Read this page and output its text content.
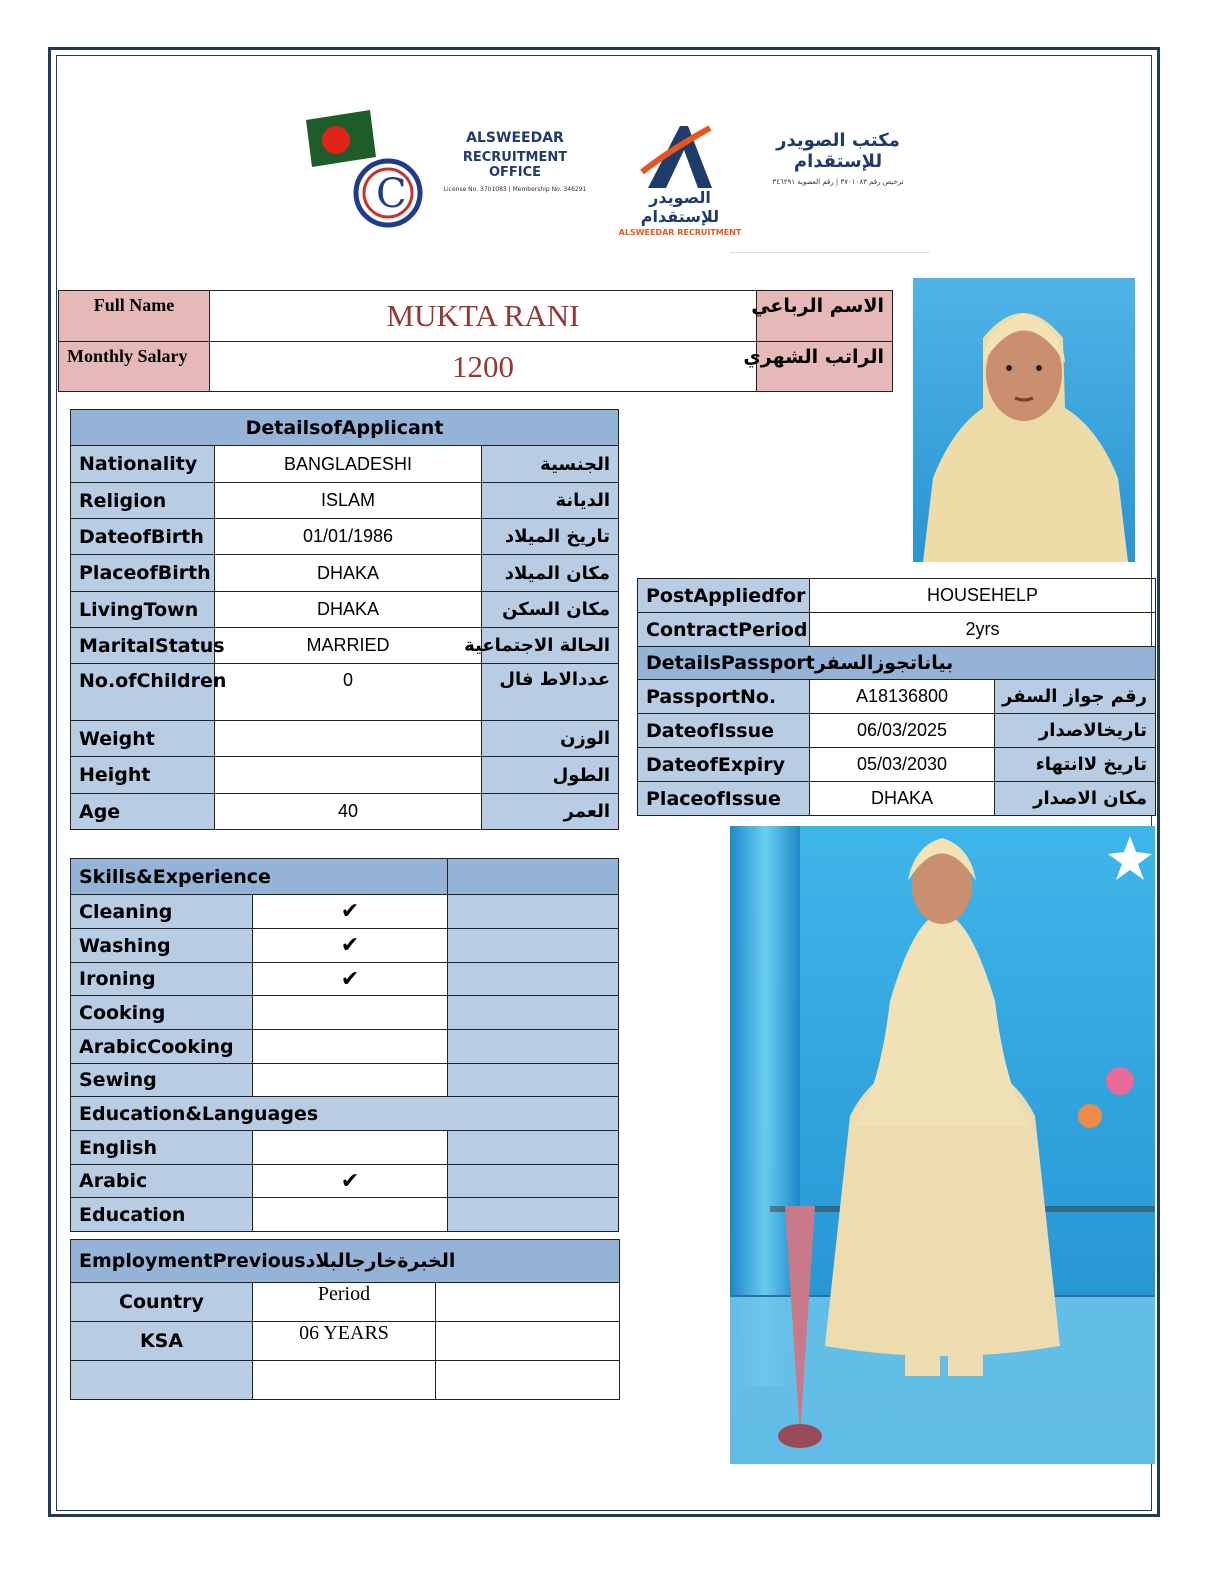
C
ALSWEEDAR
RECRUITMENT OFFICE
License No. 3701083 | Membership No. 346291	الصويدر للإستقدام
ALSWEEDAR RECRUITMENT
مكتب الصويدر للإستقدام
ترخيص رقم ٣٧٠١٠٨٣ | رقم العضوية ٣٤٦٢٩١
Full Name	MUKTA RANI	الاسم الرباعي
Monthly Salary	1200	الراتب الشهري
DetailsofApplicant		
Nationality	BANGLADESHI	الجنسية
Religion	ISLAM	الديانة
DateofBirth	01/01/1986	تاريخ الميلاد
PlaceofBirth	DHAKA	مكان الميلاد
LivingTown	DHAKA	مكان السكن
MaritalStatus	MARRIED	الحالة الاجتماعية
No.ofChildren	0	عددالاط فال
Weight		الوزن
Height		الطول
Age	40	العمر
PostAppliedfor	HOUSEHELP	
ContractPeriod	2yrs	
DetailsPassportبياناتجوزالسفر		
PassportNo.	A18136800	رقم جواز السفر
DateofIssue	06/03/2025	تاريخالاصدار
DateofExpiry	05/03/2030	تاريخ لاانتهاء
PlaceofIssue	DHAKA	مكان الاصدار
Skills&Experience		
Cleaning	✔	
Washing	✔	
Ironing	✔	
Cooking		
ArabicCooking		
Sewing		
Education&Languages		
English		
Arabic	✔	
Education		
EmploymentPreviousالخبرةخارجالبلاد		
Country	Period	
KSA	06 YEARS	
